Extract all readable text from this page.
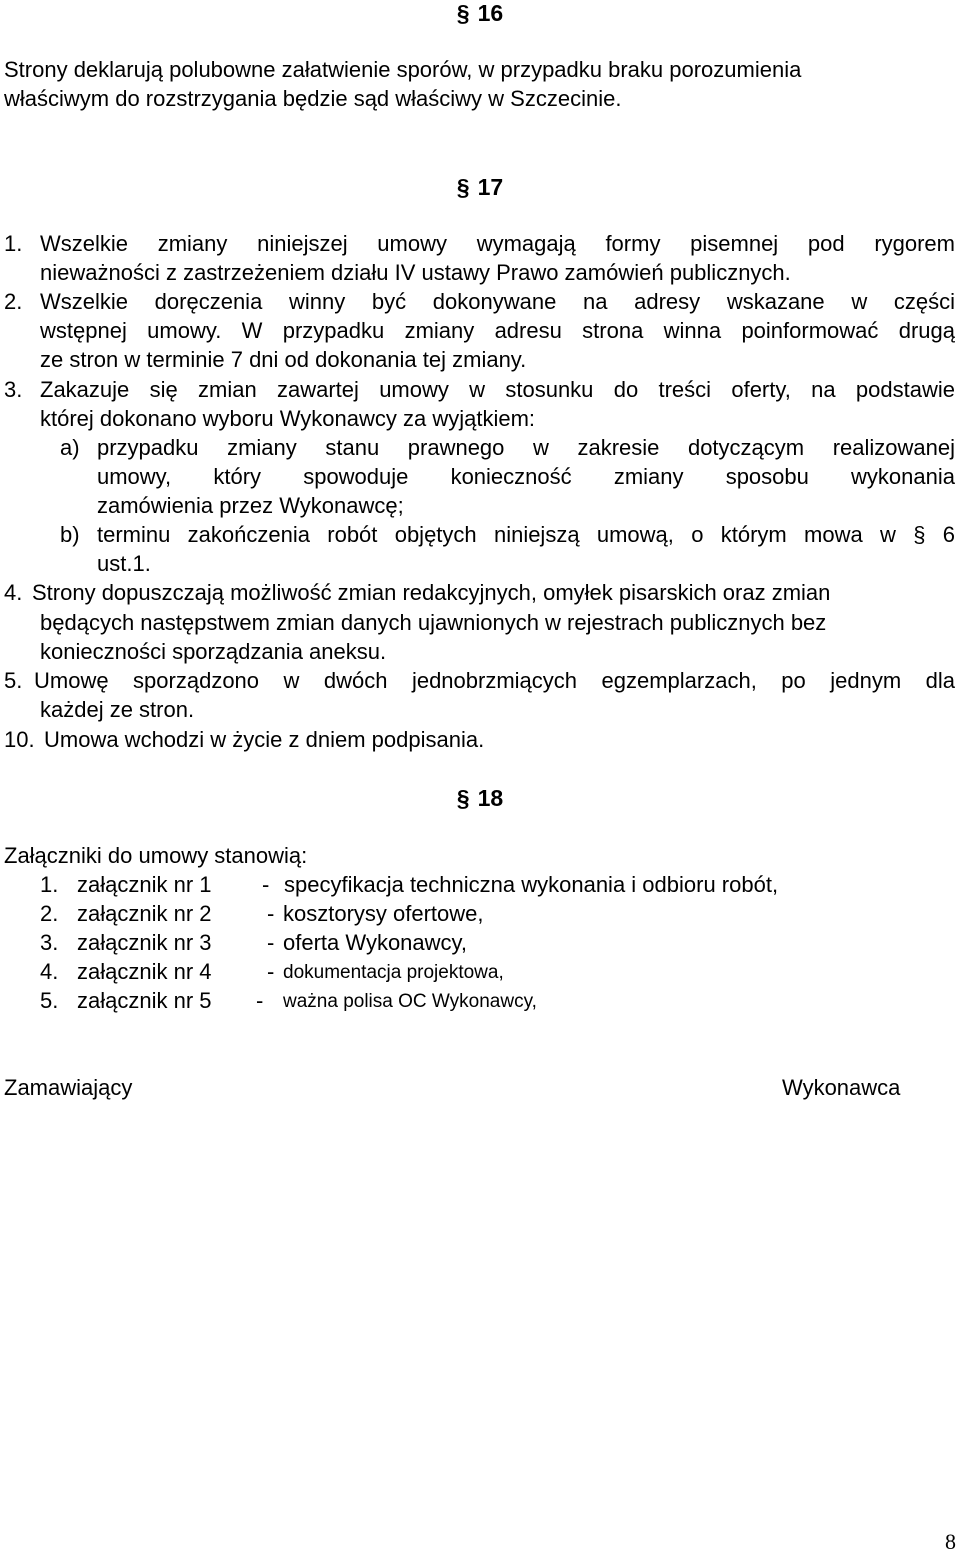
§ 16
Strony deklarują polubowne załatwienie sporów, w przypadku braku porozumienia
właściwym do rozstrzygania będzie sąd właściwy w Szczecinie.
§ 17
1. Wszelkie zmiany niniejszej umowy wymagają formy pisemnej pod rygorem
nieważności z zastrzeżeniem działu IV ustawy Prawo zamówień publicznych.
2. Wszelkie doręczenia winny być dokonywane na adresy wskazane w części
wstępnej umowy. W przypadku zmiany adresu strona winna poinformować drugą
ze stron w terminie 7 dni od dokonania tej zmiany.
3. Zakazuje się zmian zawartej umowy w stosunku do treści oferty, na podstawie
której dokonano wyboru Wykonawcy za wyjątkiem:
a) przypadku zmiany stanu prawnego w zakresie dotyczącym realizowanej
umowy, który spowoduje konieczność zmiany sposobu wykonania
zamówienia przez Wykonawcę;
b) terminu zakończenia robót objętych niniejszą umową, o którym mowa w § 6
ust.1.
4. Strony dopuszczają możliwość zmian redakcyjnych, omyłek pisarskich oraz zmian
będących następstwem zmian danych ujawnionych w rejestrach publicznych bez
konieczności sporządzania aneksu.
5. Umowę sporządzono w dwóch jednobrzmiących egzemplarzach, po jednym dla
każdej ze stron.
10. Umowa wchodzi w życie z dniem podpisania.
§ 18
Załączniki do umowy stanowią:
1. załącznik nr 1 - specyfikacja techniczna wykonania i odbioru robót,
2. załącznik nr 2	- kosztorysy ofertowe,
3. załącznik nr 3	- oferta Wykonawcy,
4. załącznik nr 4	- dokumentacja projektowa,
5. załącznik nr 5 - ważna polisa OC Wykonawcy,
Zamawiający	Wykonawca
8
